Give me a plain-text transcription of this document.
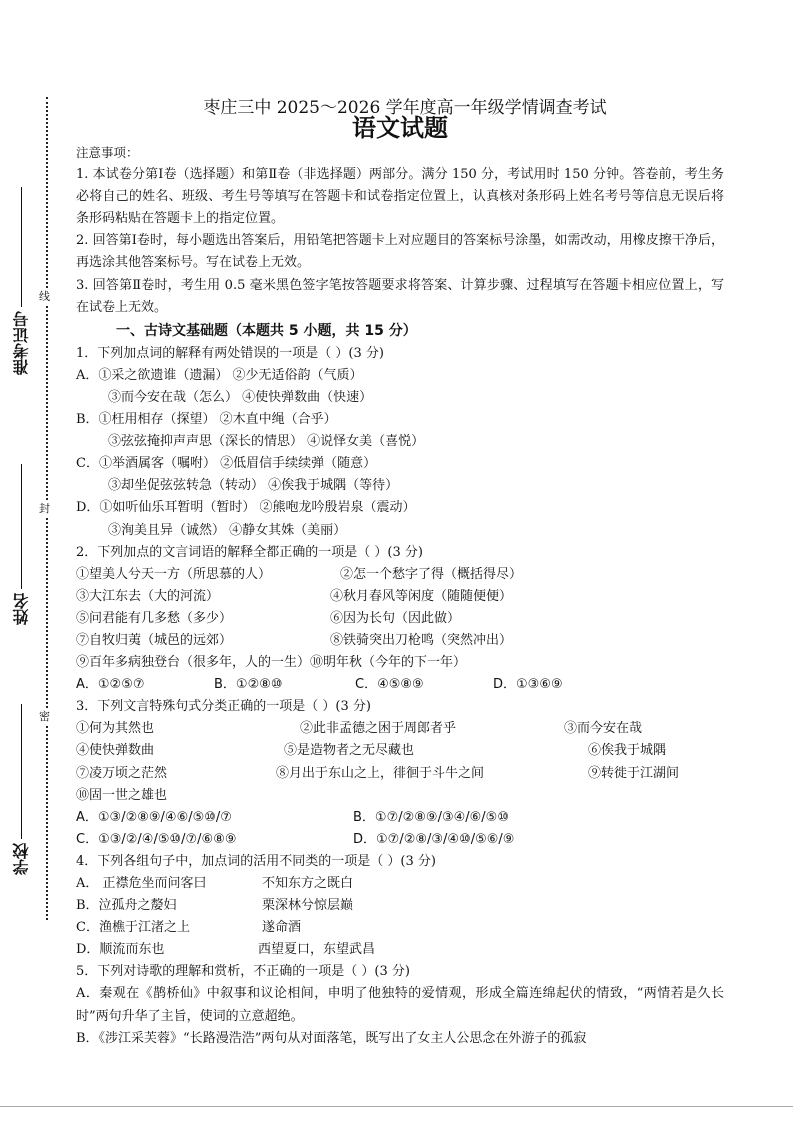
线
封
密
准考证号
姓名
学校
枣庄三中 2025～2026 学年度高一年级学情调查考试
语文试题
注意事项：
1. 本试卷分第Ⅰ卷（选择题）和第Ⅱ卷（非选择题）两部分。满分 150 分，考试用时 150 分钟。答卷前，考生务必将自己的姓名、班级、考生号等填写在答题卡和试卷指定位置上，认真核对条形码上姓名考号等信息无误后将条形码粘贴在答题卡上的指定位置。
2. 回答第Ⅰ卷时，每小题选出答案后，用铅笔把答题卡上对应题目的答案标号涂墨，如需改动，用橡皮擦干净后，再选涂其他答案标号。写在试卷上无效。
3. 回答第Ⅱ卷时，考生用 0.5 毫米黑色签字笔按答题要求将答案、计算步骤、过程填写在答题卡相应位置上，写在试卷上无效。
一、古诗文基础题（本题共 5 小题，共 15 分）
1．下列加点词的解释有两处错误的一项是（ ）(3 分)
A．①采之欲遗谁（遗漏） ②少无适俗韵（气质）
③而今安在哉（怎么） ④使快弹数曲（快速）
B．①枉用相存（探望） ②木直中绳（合乎）
③弦弦掩抑声声思（深长的情思） ④说怿女美（喜悦）
C．①举酒属客（嘱咐） ②低眉信手续续弹（随意）
③却坐促弦弦转急（转动） ④俟我于城隅（等待）
D．①如听仙乐耳暂明（暂时） ②熊咆龙吟殷岩泉（震动）
③洵美且异（诚然） ④静女其姝（美丽）
2．下列加点的文言词语的解释全都正确的一项是（ ）(3 分)
①望美人兮天一方（所思慕的人）	②怎一个愁字了得（概括得尽）
③大江东去（大的河流）	④秋月春风等闲度（随随便便）
⑤问君能有几多愁（多少）	⑥因为长句（因此做）
⑦自牧归荑（城邑的远郊）	⑧铁骑突出刀枪鸣（突然冲出）
⑨百年多病独登台（很多年，人的一生）⑩明年秋（今年的下一年）
A．①②⑤⑦	B．①②⑧⑩	C．④⑤⑧⑨	D．①③⑥⑨
3．下列文言特殊句式分类正确的一项是（ ）(3 分)
①何为其然也	②此非孟德之困于周郎者乎	③而今安在哉
④使快弹数曲	⑤是造物者之无尽藏也	⑥俟我于城隅
⑦凌万顷之茫然	⑧月出于东山之上，徘徊于斗牛之间	⑨转徙于江湖间
⑩固一世之雄也
A．①③/②⑧⑨/④⑥/⑤⑩/⑦	B．①⑦/②⑧⑨/③④/⑥/⑤⑩
C．①③/②/④/⑤⑩/⑦/⑥⑧⑨	D．①⑦/②⑧/③/④⑩/⑤⑥/⑨
4．下列各组句子中，加点词的活用不同类的一项是（ ）(3 分)
A． 正襟危坐而问客曰	不知东方之既白
B．泣孤舟之嫠妇	栗深林兮惊层巅
C．渔樵于江渚之上	遂命酒
D．顺流而东也	西望夏口，东望武昌
5．下列对诗歌的理解和赏析，不正确的一项是（ ）(3 分)
A．秦观在《鹊桥仙》中叙事和议论相间，申明了他独特的爱情观，形成全篇连绵起伏的情致，“两情若是久长时”两句升华了主旨，使词的立意超绝。
B．《涉江采芙蓉》“长路漫浩浩”两句从对面落笔，既写出了女主人公思念在外游子的孤寂
